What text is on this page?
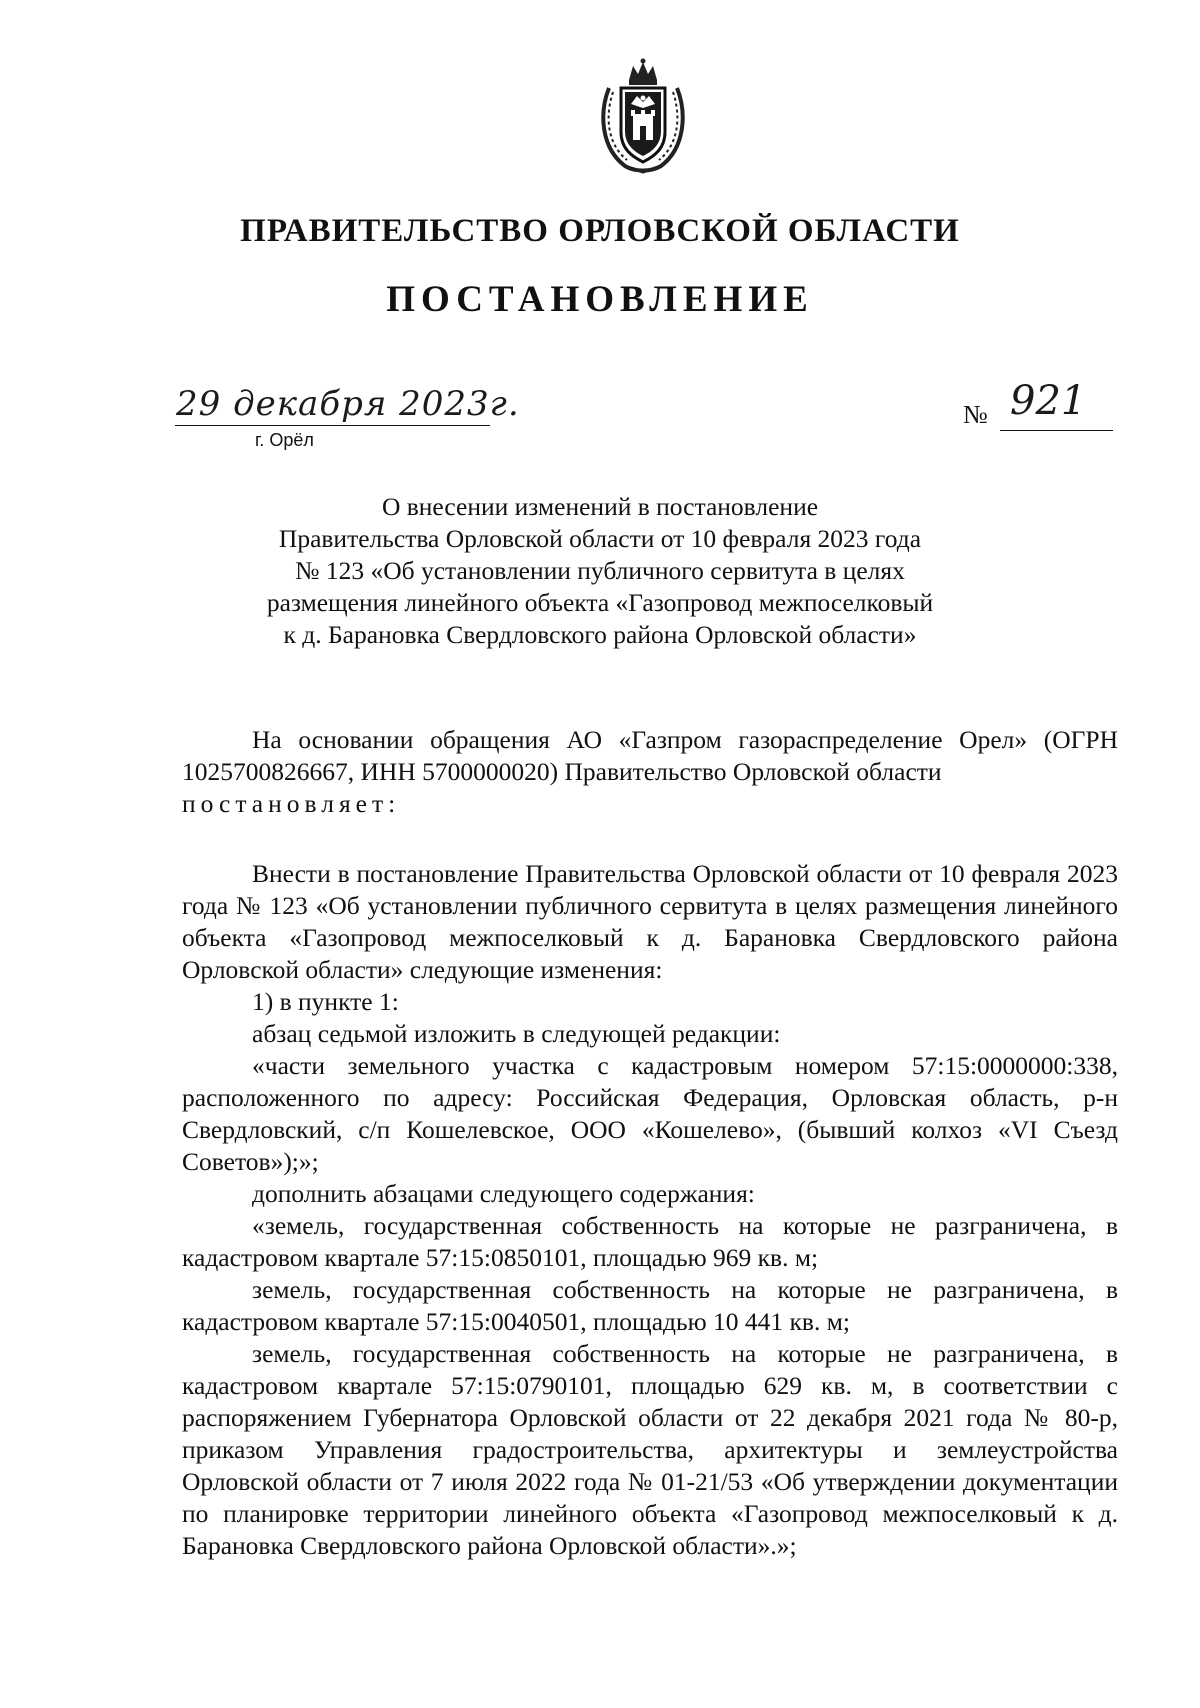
ПРАВИТЕЛЬСТВО ОРЛОВСКОЙ ОБЛАСТИ
ПОСТАНОВЛЕНИЕ
29 декабря 2023г.
г. Орёл
№ 921
О внесении изменений в постановление
Правительства Орловской области от 10 февраля 2023 года
№ 123 «Об установлении публичного сервитута в целях
размещения линейного объекта «Газопровод межпоселковый
к д. Барановка Свердловского района Орловской области»

На основании обращения АО «Газпром газораспределение Орел» (ОГРН 1025700826667, ИНН 5700000020) Правительство Орловской области

постановляет:

Внести в постановление Правительства Орловской области от 10 февраля 2023 года № 123 «Об установлении публичного сервитута в целях размещения линейного объекта «Газопровод межпоселковый к д. Барановка Свердловского района Орловской области» следующие изменения:

1) в пункте 1:

абзац седьмой изложить в следующей редакции:

«части земельного участка с кадастровым номером 57:15:0000000:338, расположенного по адресу: Российская Федерация, Орловская область, р-н Свердловский, с/п Кошелевское, ООО «Кошелево», (бывший колхоз «VI Съезд Советов»);»;

дополнить абзацами следующего содержания:

«земель, государственная собственность на которые не разграничена, в кадастровом квартале 57:15:0850101, площадью 969 кв. м;

земель, государственная собственность на которые не разграничена, в кадастровом квартале 57:15:0040501, площадью 10 441 кв. м;

земель, государственная собственность на которые не разграничена, в кадастровом квартале 57:15:0790101, площадью 629 кв. м, в соответствии с распоряжением Губернатора Орловской области от 22 декабря 2021 года № 80-р, приказом Управления градостроительства, архитектуры и землеустройства Орловской области от 7 июля 2022 года № 01-21/53 «Об утверждении документации по планировке территории линейного объекта «Газопровод межпоселковый к д. Барановка Свердловского района Орловской области».»;
